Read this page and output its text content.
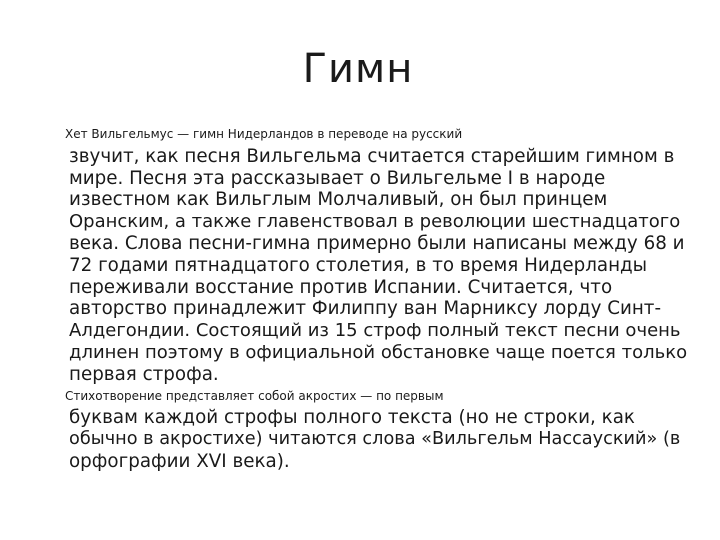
Гимн
Хет Вильгельмус — гимн Нидерландов в переводе на русский
звучит, как песня Вильгельма считается старейшим гимном в
мире. Песня эта рассказывает о Вильгельме I в народе
известном как Вильглым Молчаливый, он был принцем
Оранским, а также главенствовал в революции шестнадцатого
века. Слова песни-гимна примерно были написаны между 68 и
72 годами пятнадцатого столетия, в то время Нидерланды
переживали восстание против Испании. Считается, что
авторство принадлежит Филиппу ван Марниксу лорду Синт-
Алдегондии. Состоящий из 15 строф полный текст песни очень
длинен поэтому в официальной обстановке чаще поется только
первая строфа.
Стихотворение представляет собой акростих — по первым
буквам каждой строфы полного текста (но не строки, как
обычно в акростихе) читаются слова «Вильгельм Нассауский» (в
орфографии XVI века).
